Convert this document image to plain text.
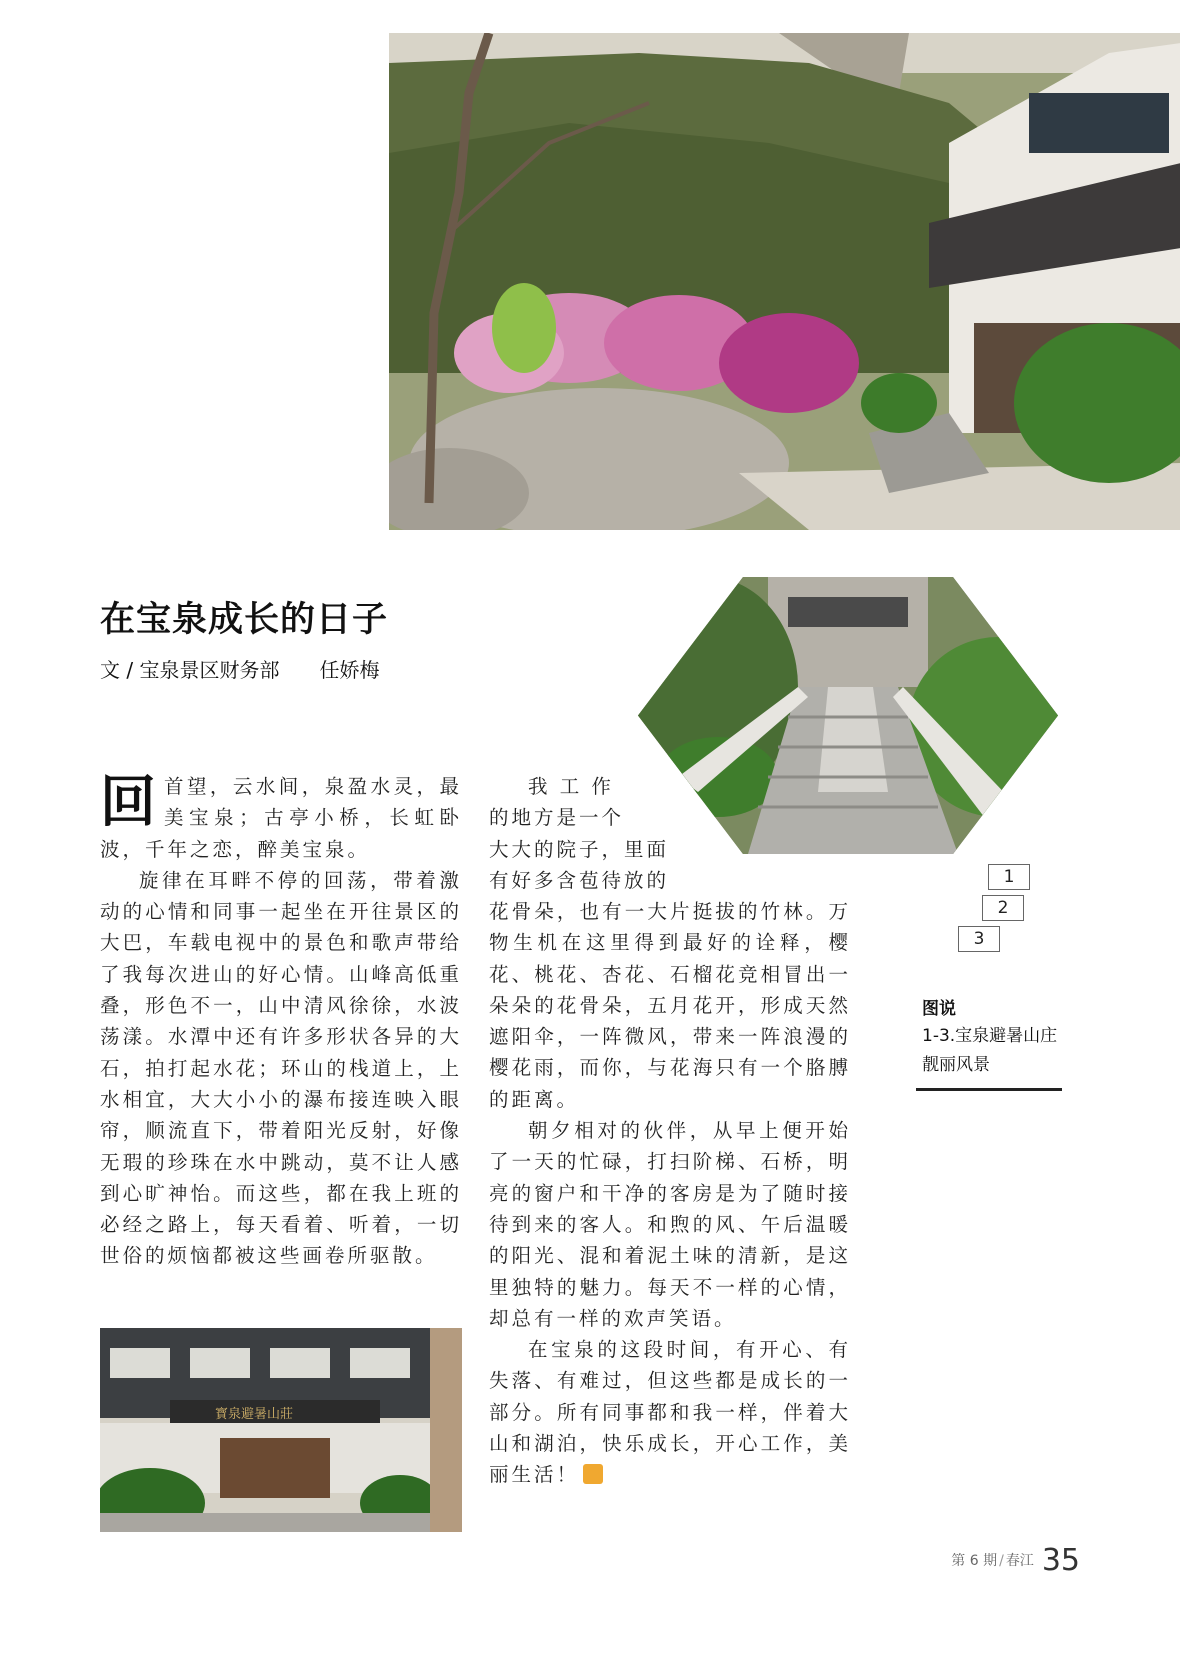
寳泉避暑山莊
在宝泉成长的日子
文 / 宝泉景区财务部 任娇梅

回首望，云水间，泉盈水灵，最美宝泉；古亭小桥，长虹卧波，千年之恋，醉美宝泉。

旋律在耳畔不停的回荡，带着激动的心情和同事一起坐在开往景区的大巴，车载电视中的景色和歌声带给了我每次进山的好心情。山峰高低重叠，形色不一，山中清风徐徐，水波荡漾。水潭中还有许多形状各异的大石，拍打起水花；环山的栈道上，上水相宜，大大小小的瀑布接连映入眼帘，顺流直下，带着阳光反射，好像无瑕的珍珠在水中跳动，莫不让人感到心旷神怡。而这些，都在我上班的必经之路上，每天看着、听着，一切世俗的烦恼都被这些画卷所驱散。

我 工 作
的地方是一个
大大的院子，里面
有好多含苞待放的

花骨朵，也有一大片挺拔的竹林。万物生机在这里得到最好的诠释，樱花、桃花、杏花、石榴花竞相冒出一朵朵的花骨朵，五月花开，形成天然遮阳伞，一阵微风，带来一阵浪漫的樱花雨，而你，与花海只有一个胳膊的距离。

朝夕相对的伙伴，从早上便开始了一天的忙碌，打扫阶梯、石桥，明亮的窗户和干净的客房是为了随时接待到来的客人。和煦的风、午后温暖的阳光、混和着泥土味的清新，是这里独特的魅力。每天不一样的心情，却总有一样的欢声笑语。

在宝泉的这段时间，有开心、有失落、有难过，但这些都是成长的一部分。所有同事都和我一样，伴着大山和湖泊，快乐成长，开心工作，美丽生活！

1
2
3
图说
1-3.宝泉避暑山庄靓丽风景
第 6 期 / 春江 35
